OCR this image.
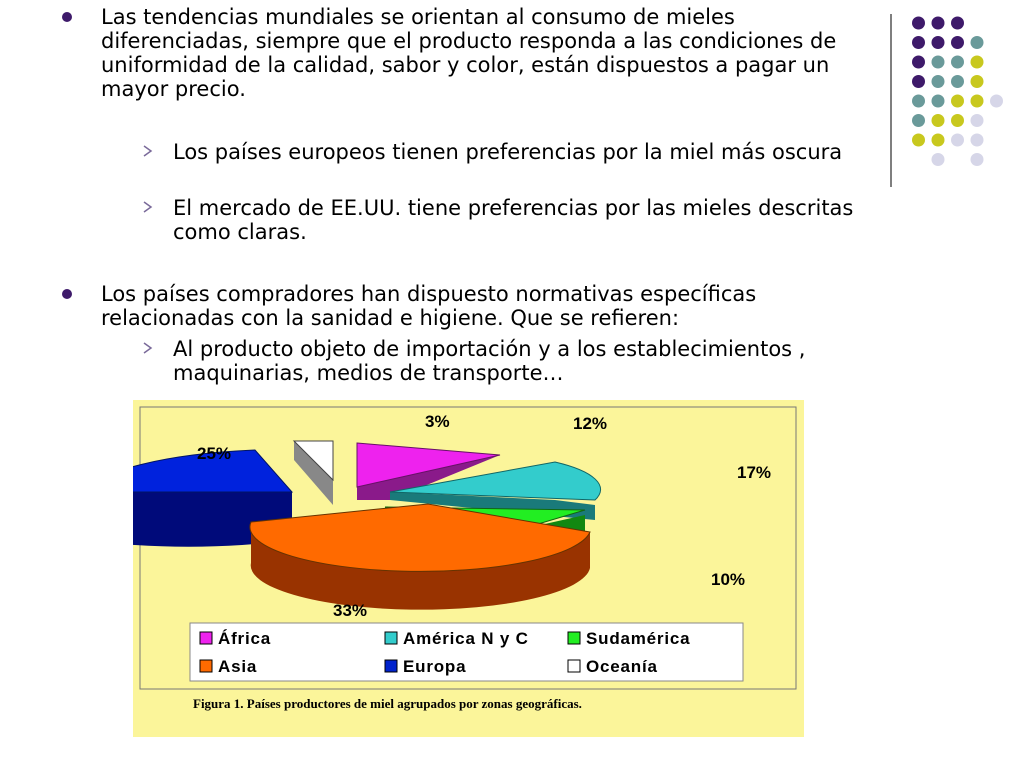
Las tendencias mundiales se orientan al consumo de mieles diferenciadas, siempre que el producto responda a las condiciones de uniformidad de la calidad, sabor y color, están dispuestos a pagar un mayor precio.
Los países europeos tienen preferencias por la miel más oscura
El mercado de EE.UU. tiene preferencias por las mieles descritas como claras.
Los países compradores han dispuesto normativas específicas relacionadas con la sanidad e higiene. Que se refieren:
Al producto objeto de importación y a los establecimientos , maquinarias, medios de transporte…
3%	12%
17%
10%
33%
25%
África	América N y C	Sudamérica
Asia	Europa	Oceanía
Figura 1. Países productores de miel agrupados por zonas geográficas.
